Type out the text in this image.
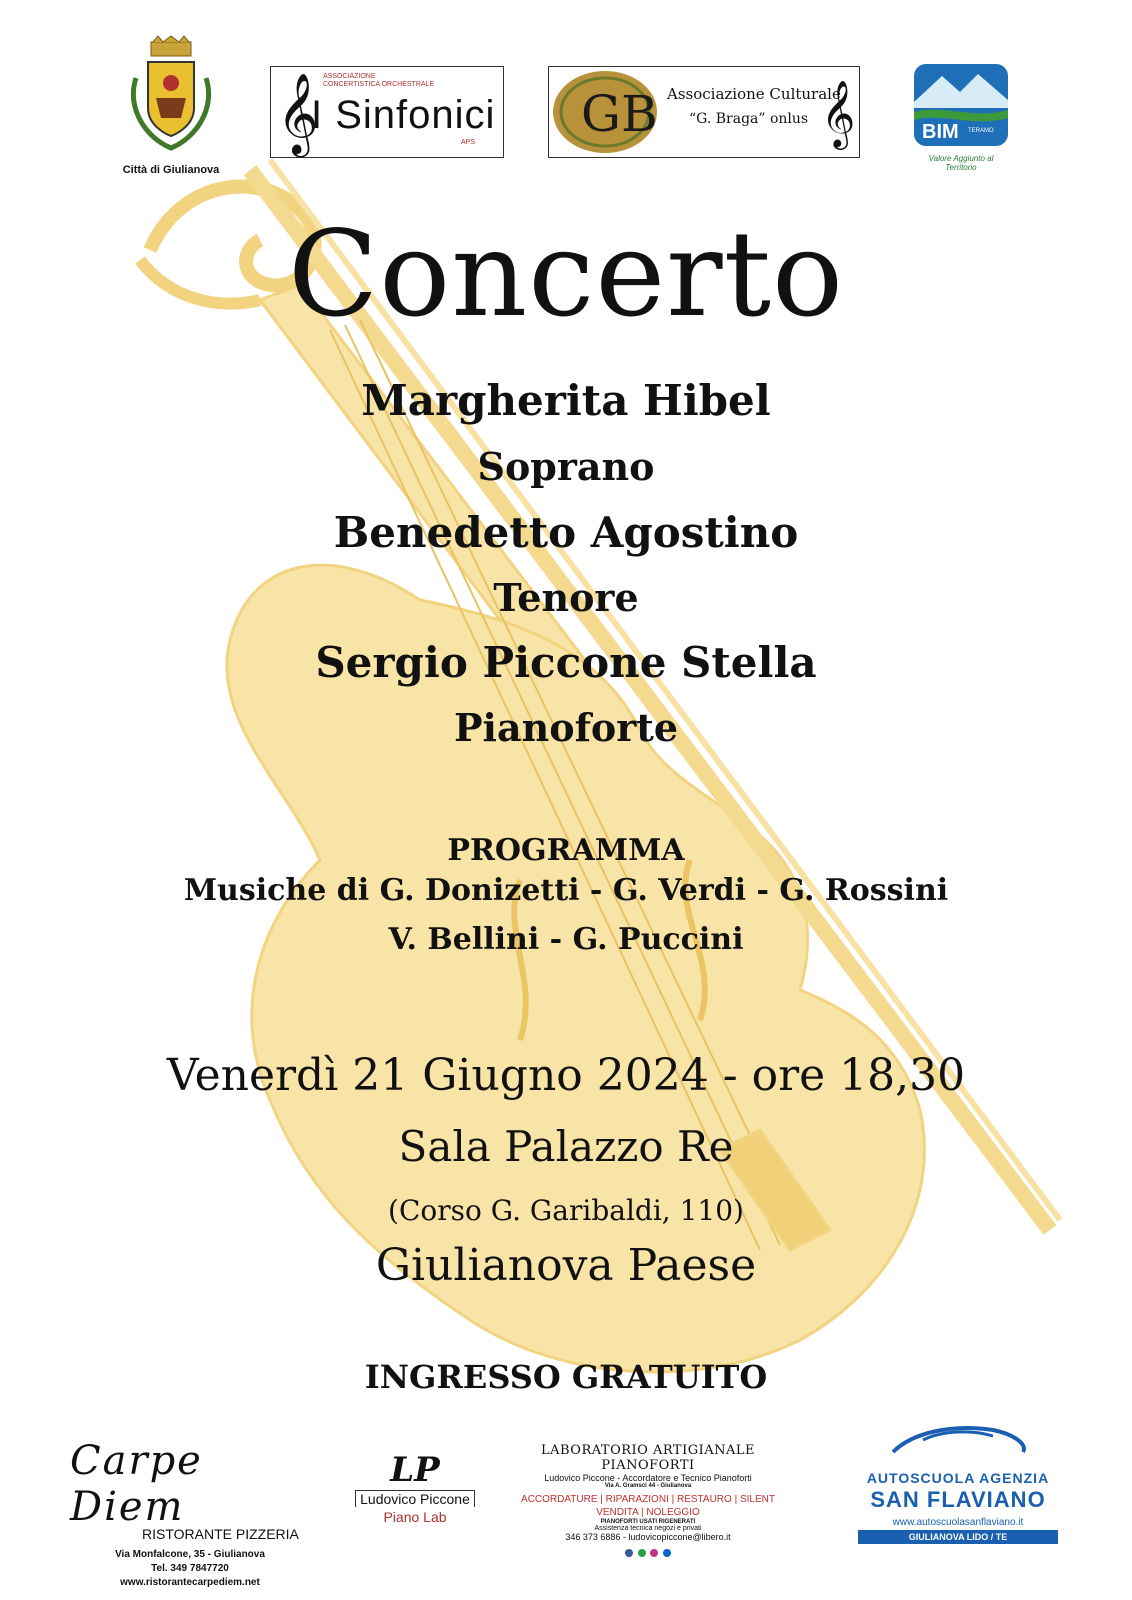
Città di Giulianova
𝄞 ASSOCIAZIONE
CONCERTISTICA ORCHESTRALE
I Sinfonici
APS GB Associazione Culturale
“G. Braga” onlus 𝄞	BIM TERAMO
Valore Aggiunto al Territorio
Concerto
Margherita Hibel
Soprano
Benedetto Agostino
Tenore
Sergio Piccone Stella
Pianoforte
PROGRAMMA
Musiche di G. Donizetti - G. Verdi - G. Rossini
V. Bellini - G. Puccini
Venerdì 21 Giugno 2024 - ore 18,30
Sala Palazzo Re
(Corso G. Garibaldi, 110)
Giulianova Paese
INGRESSO GRATUITO
Carpe Diem
RISTORANTE PIZZERIA
Via Monfalcone, 35 - Giulianova
Tel. 349 7847720
www.ristorantecarpediem.net
LP
Ludovico Piccone
Piano Lab
LABORATORIO ARTIGIANALE PIANOFORTI
Ludovico Piccone - Accordatore e Tecnico Pianoforti
Via A. Gramsci 44 - Giulianova
ACCORDATURE | RIPARAZIONI | RESTAURO | SILENT
VENDITA | NOLEGGIO
PIANOFORTI USATI RIGENERATI
Assistenza tecnica negozi e privati
346 373 6886 - ludovicopiccone@libero.it

AUTOSCUOLA AGENZIA
SAN FLAVIANO
www.autoscuolasanflaviano.it
GIULIANOVA LIDO / TE
